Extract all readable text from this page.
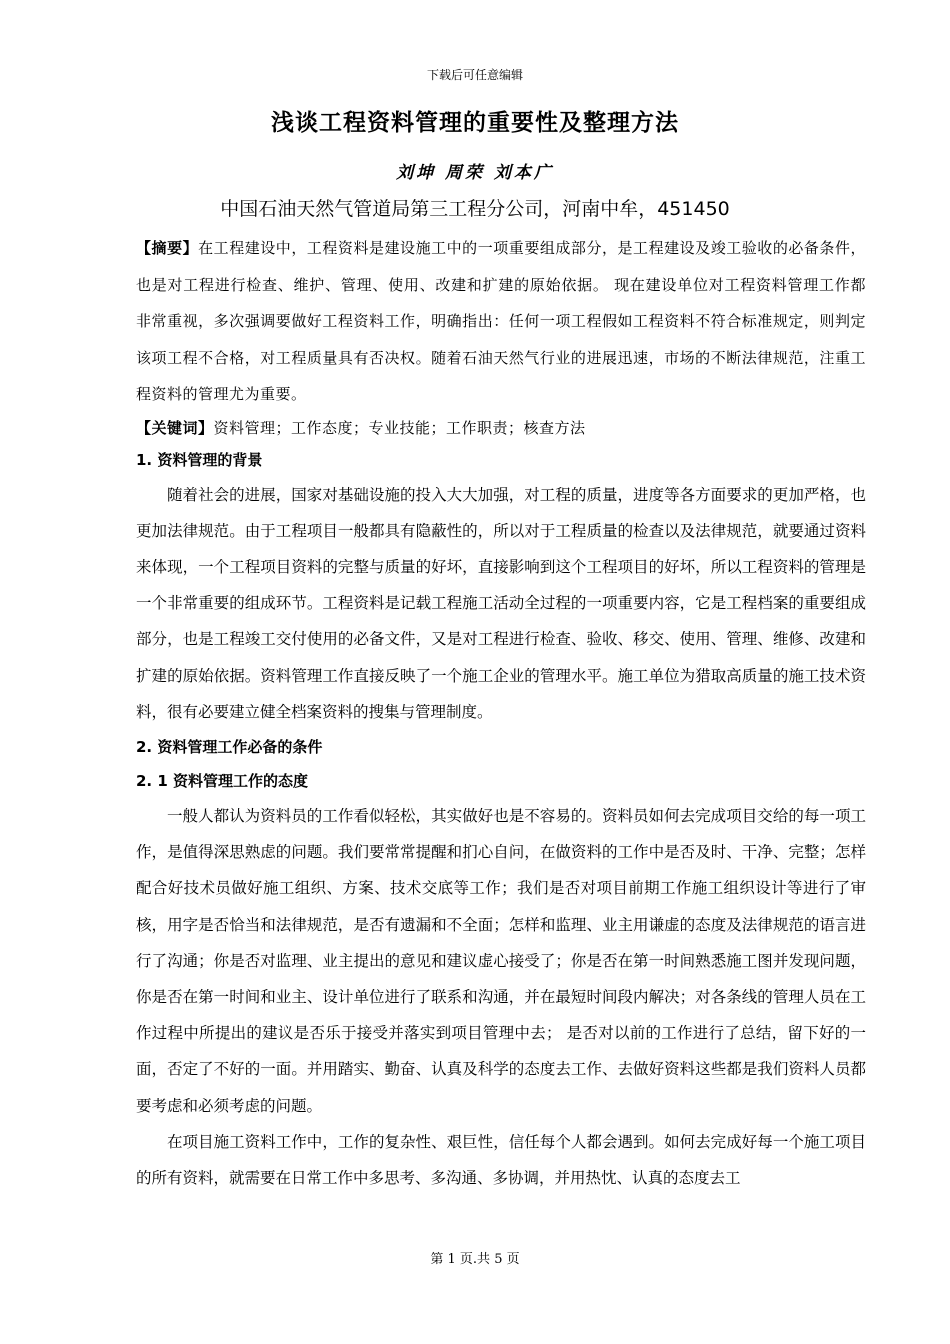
下载后可任意编辑
浅谈工程资料管理的重要性及整理方法
刘坤 周荣 刘本广
中国石油天然气管道局第三工程分公司，河南中牟，451450

【摘要】在工程建设中，工程资料是建设施工中的一项重要组成部分，是工程建设及竣工验收的必备条件，也是对工程进行检查、维护、管理、使用、改建和扩建的原始依据。 现在建设单位对工程资料管理工作都非常重视，多次强调要做好工程资料工作，明确指出：任何一项工程假如工程资料不符合标准规定，则判定该项工程不合格，对工程质量具有否决权。随着石油天然气行业的进展迅速，市场的不断法律规范，注重工程资料的管理尤为重要。

【关键词】资料管理；工作态度；专业技能；工作职责；核查方法

1. 资料管理的背景

随着社会的进展，国家对基础设施的投入大大加强，对工程的质量，进度等各方面要求的更加严格，也更加法律规范。由于工程项目一般都具有隐蔽性的，所以对于工程质量的检查以及法律规范，就要通过资料来体现，一个工程项目资料的完整与质量的好坏，直接影响到这个工程项目的好坏，所以工程资料的管理是一个非常重要的组成环节。工程资料是记载工程施工活动全过程的一项重要内容，它是工程档案的重要组成部分，也是工程竣工交付使用的必备文件，又是对工程进行检查、验收、移交、使用、管理、维修、改建和扩建的原始依据。资料管理工作直接反映了一个施工企业的管理水平。施工单位为猎取高质量的施工技术资料，很有必要建立健全档案资料的搜集与管理制度。

2. 资料管理工作必备的条件
2. 1 资料管理工作的态度

一般人都认为资料员的工作看似轻松，其实做好也是不容易的。资料员如何去完成项目交给的每一项工作，是值得深思熟虑的问题。我们要常常提醒和扪心自问，在做资料的工作中是否及时、干净、完整；怎样配合好技术员做好施工组织、方案、技术交底等工作；我们是否对项目前期工作施工组织设计等进行了审核，用字是否恰当和法律规范，是否有遗漏和不全面；怎样和监理、业主用谦虚的态度及法律规范的语言进行了沟通；你是否对监理、业主提出的意见和建议虚心接受了；你是否在第一时间熟悉施工图并发现问题，你是否在第一时间和业主、设计单位进行了联系和沟通，并在最短时间段内解决；对各条线的管理人员在工作过程中所提出的建议是否乐于接受并落实到项目管理中去； 是否对以前的工作进行了总结，留下好的一面，否定了不好的一面。并用踏实、勤奋、认真及科学的态度去工作、去做好资料这些都是我们资料人员都要考虑和必须考虑的问题。

在项目施工资料工作中，工作的复杂性、艰巨性，信任每个人都会遇到。如何去完成好每一个施工项目的所有资料，就需要在日常工作中多思考、多沟通、多协调，并用热忱、认真的态度去工

第 1 页.共 5 页
